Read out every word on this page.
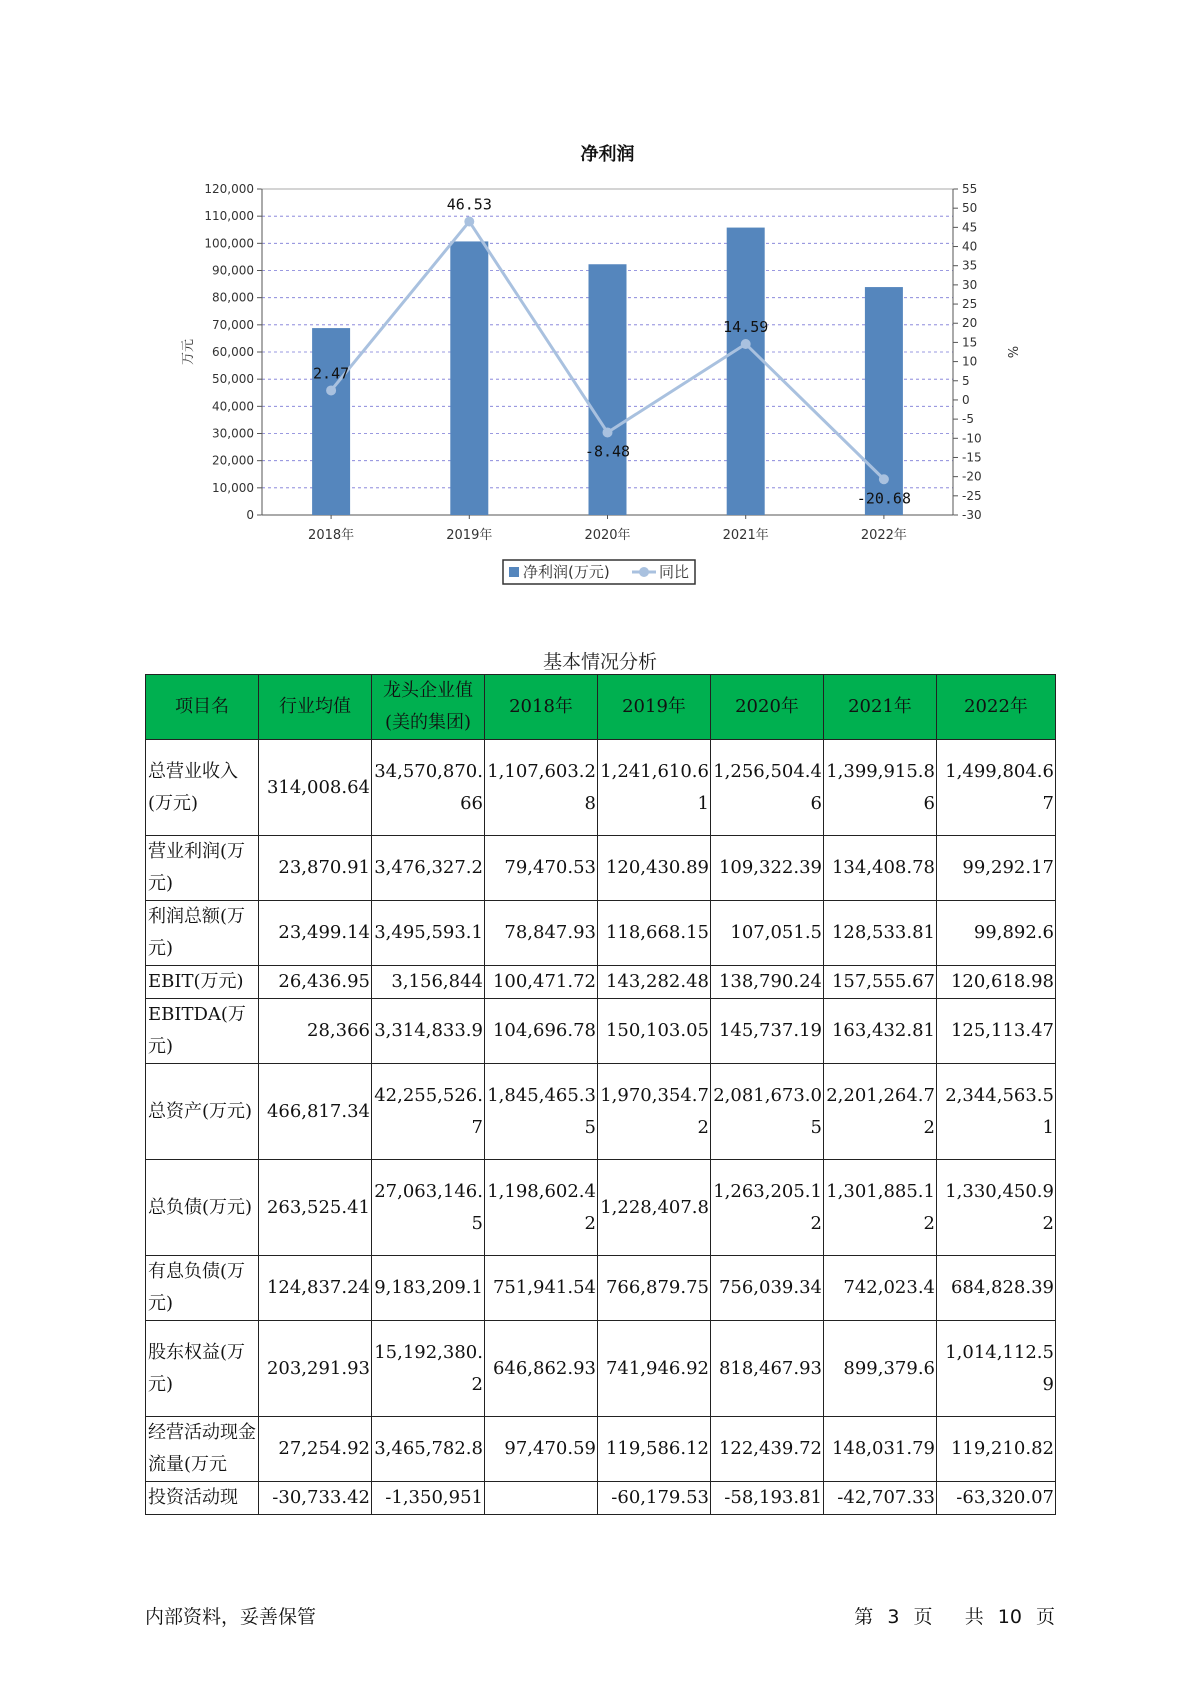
净利润
120,000
110,000
100,000
90,000
80,000
70,000
60,000
50,000
40,000
30,000
20,000
10,000
0
55
50
45
40
35
30
25
20
15
10
5
0
-5
-10
-15
-20
-25
-30
万元	%
2018年	2019年	2020年	2021年	2022年
2.47
46.53
-8.48
14.59
-20.68
净利润(万元)	同比
基本情况分析
项目名	行业均值	龙头企业值(美的集团)	2018年	2019年	2020年	2021年	2022年
总营业收入(万元)	314,008.64	34,570,870.66	1,107,603.28	1,241,610.61	1,256,504.46	1,399,915.86	1,499,804.67
营业利润(万元)	23,870.91	3,476,327.2	79,470.53	120,430.89	109,322.39	134,408.78	99,292.17
利润总额(万元)	23,499.14	3,495,593.1	78,847.93	118,668.15	107,051.5	128,533.81	99,892.6
EBIT(万元)	26,436.95	3,156,844	100,471.72	143,282.48	138,790.24	157,555.67	120,618.98
EBITDA(万元)	28,366	3,314,833.9	104,696.78	150,103.05	145,737.19	163,432.81	125,113.47
总资产(万元)	466,817.34	42,255,526.7	1,845,465.35	1,970,354.72	2,081,673.05	2,201,264.72	2,344,563.51
总负债(万元)	263,525.41	27,063,146.5	1,198,602.42	1,228,407.8	1,263,205.12	1,301,885.12	1,330,450.92
有息负债(万元)	124,837.24	9,183,209.1	751,941.54	766,879.75	756,039.34	742,023.4	684,828.39
股东权益(万元)	203,291.93	15,192,380.2	646,862.93	741,946.92	818,467.93	899,379.6	1,014,112.59
经营活动现金流量(万元	27,254.92	3,465,782.8	97,470.59	119,586.12	122,439.72	148,031.79	119,210.82
投资活动现	-30,733.42	-1,350,951		-60,179.53	-58,193.81	-42,707.33	-63,320.07
内部资料，妥善保管	第 3 页 共 10 页
